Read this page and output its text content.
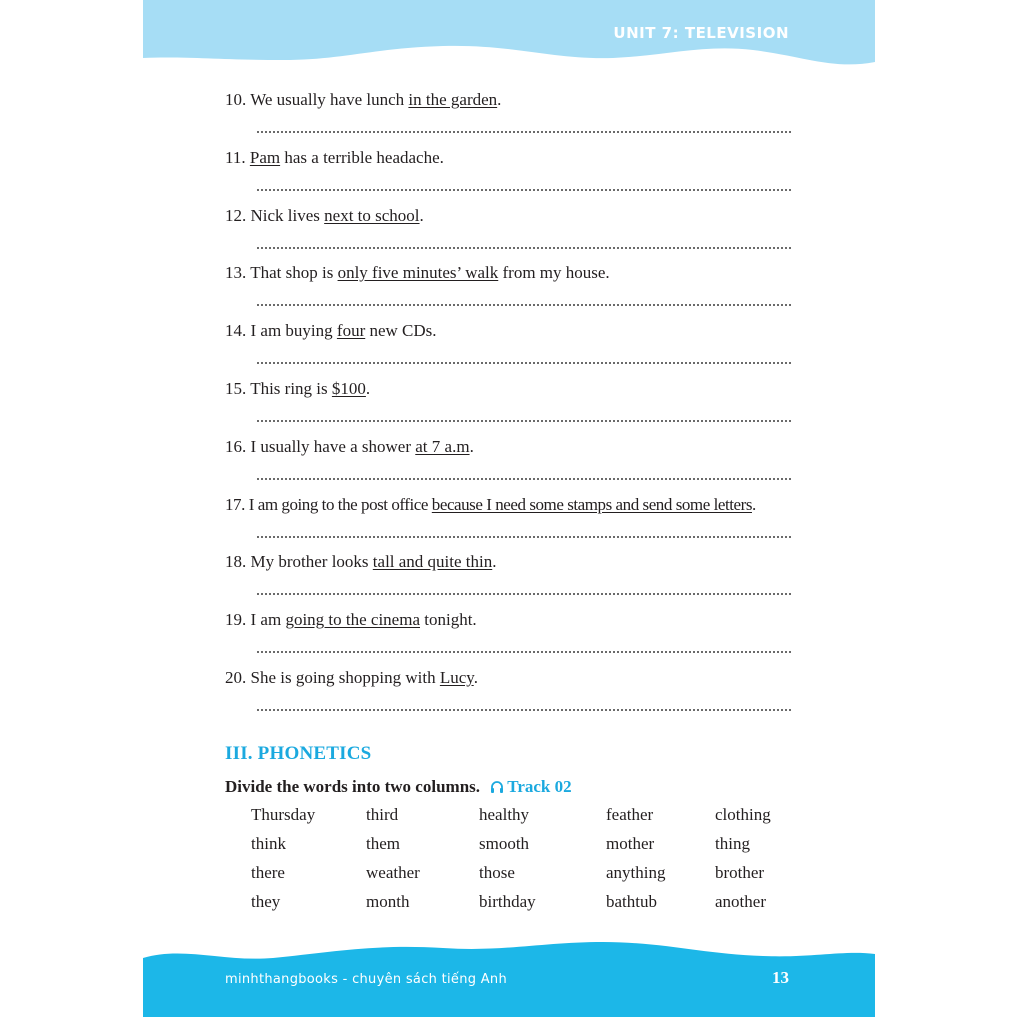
UNIT 7: TELEVISION
10. We usually have lunch in the garden.
11. Pam has a terrible headache.
12. Nick lives next to school.
13. That shop is only five minutes’ walk from my house.
14. I am buying four new CDs.
15. This ring is $100.
16. I usually have a shower at 7 a.m.
17. I am going to the post office because I need some stamps and send some letters.
18. My brother looks tall and quite thin.
19. I am going to the cinema tonight.
20. She is going shopping with Lucy.
III. PHONETICS
Divide the words into two columns. Track 02
Thursday	third	healthy	feather	clothing
think	them	smooth	mother	thing
there	weather	those	anything	brother
they	month	birthday	bathtub	another
minhthangbooks - chuyên sách tiếng Anh	13
